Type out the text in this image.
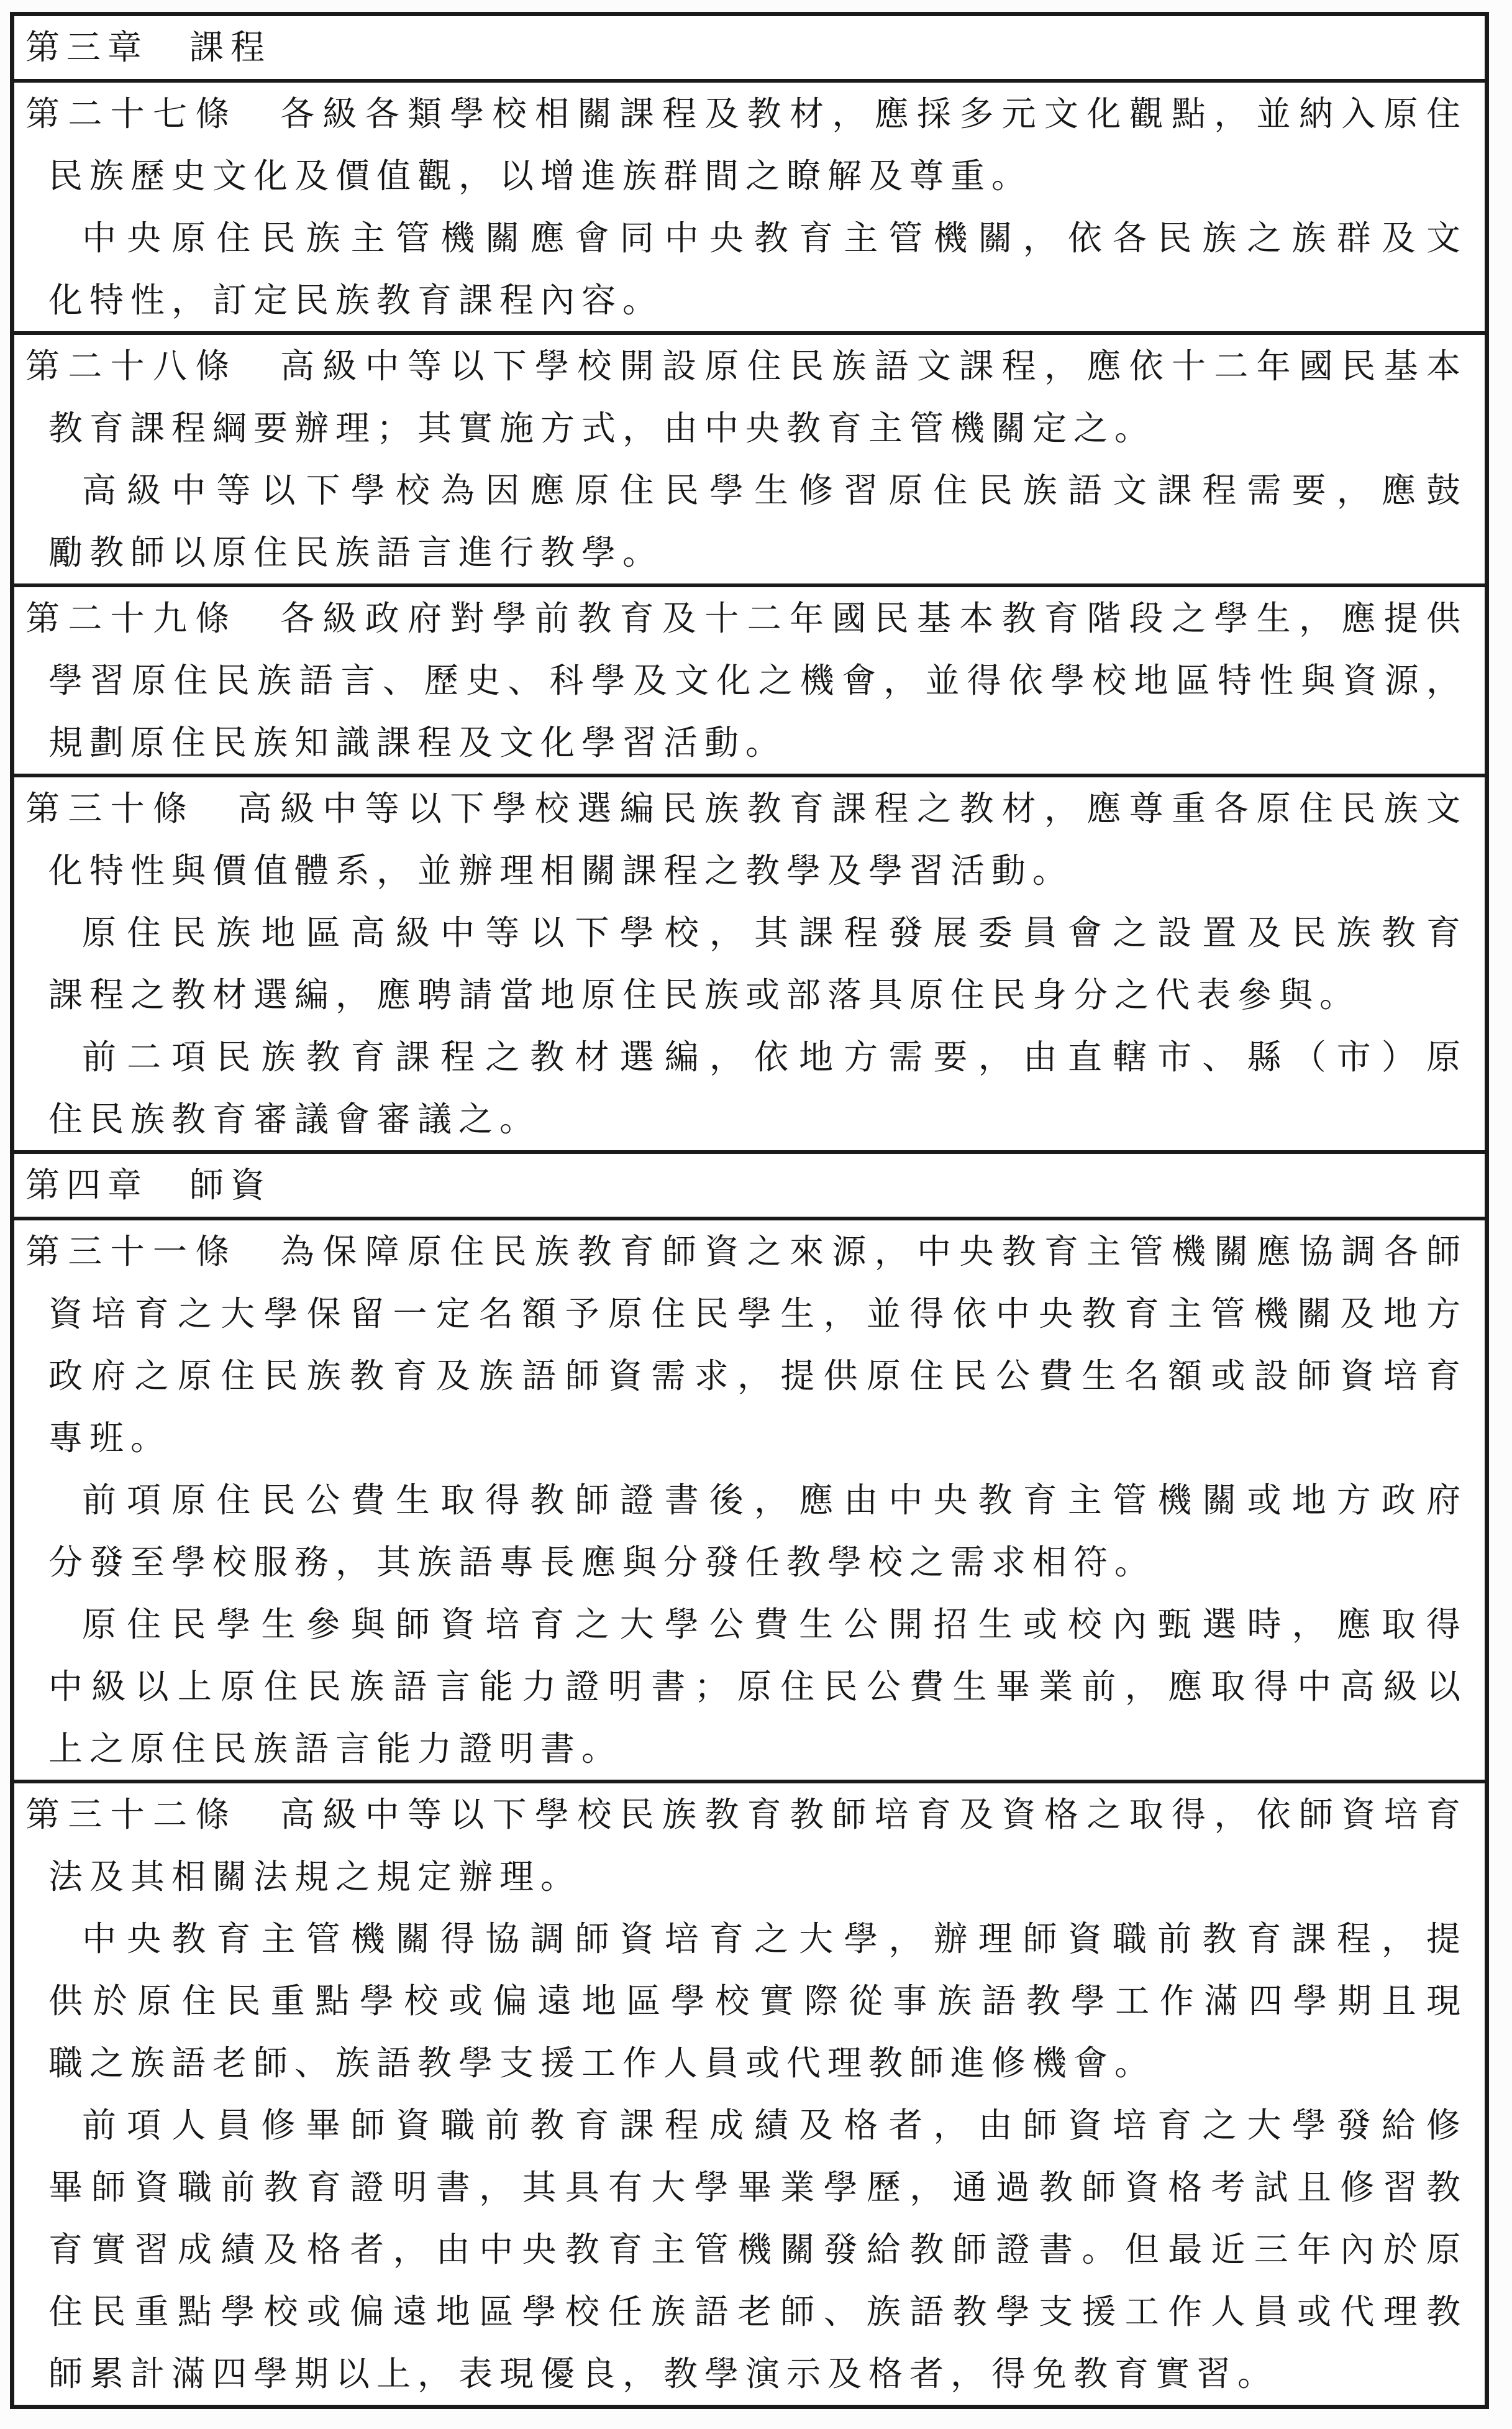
第三章　課程

第二十七條　各級各類學校相關課程及教材，應採多元文化觀點，並納入原住

民族歷史文化及價值觀，以增進族群間之瞭解及尊重。

中央原住民族主管機關應會同中央教育主管機關，依各民族之族群及文

化特性，訂定民族教育課程內容。

第二十八條　高級中等以下學校開設原住民族語文課程，應依十二年國民基本

教育課程綱要辦理；其實施方式，由中央教育主管機關定之。

高級中等以下學校為因應原住民學生修習原住民族語文課程需要，應鼓

勵教師以原住民族語言進行教學。

第二十九條　各級政府對學前教育及十二年國民基本教育階段之學生，應提供

學習原住民族語言、歷史、科學及文化之機會，並得依學校地區特性與資源，

規劃原住民族知識課程及文化學習活動。

第三十條　高級中等以下學校選編民族教育課程之教材，應尊重各原住民族文

化特性與價值體系，並辦理相關課程之教學及學習活動。

原住民族地區高級中等以下學校，其課程發展委員會之設置及民族教育

課程之教材選編，應聘請當地原住民族或部落具原住民身分之代表參與。

前二項民族教育課程之教材選編，依地方需要，由直轄市、縣（市）原

住民族教育審議會審議之。

第四章　師資

第三十一條　為保障原住民族教育師資之來源，中央教育主管機關應協調各師

資培育之大學保留一定名額予原住民學生，並得依中央教育主管機關及地方

政府之原住民族教育及族語師資需求，提供原住民公費生名額或設師資培育

專班。

前項原住民公費生取得教師證書後，應由中央教育主管機關或地方政府

分發至學校服務，其族語專長應與分發任教學校之需求相符。

原住民學生參與師資培育之大學公費生公開招生或校內甄選時，應取得

中級以上原住民族語言能力證明書；原住民公費生畢業前，應取得中高級以

上之原住民族語言能力證明書。

第三十二條　高級中等以下學校民族教育教師培育及資格之取得，依師資培育

法及其相關法規之規定辦理。

中央教育主管機關得協調師資培育之大學，辦理師資職前教育課程，提

供於原住民重點學校或偏遠地區學校實際從事族語教學工作滿四學期且現

職之族語老師、族語教學支援工作人員或代理教師進修機會。

前項人員修畢師資職前教育課程成績及格者，由師資培育之大學發給修

畢師資職前教育證明書，其具有大學畢業學歷，通過教師資格考試且修習教

育實習成績及格者，由中央教育主管機關發給教師證書。但最近三年內於原

住民重點學校或偏遠地區學校任族語老師、族語教學支援工作人員或代理教

師累計滿四學期以上，表現優良，教學演示及格者，得免教育實習。
